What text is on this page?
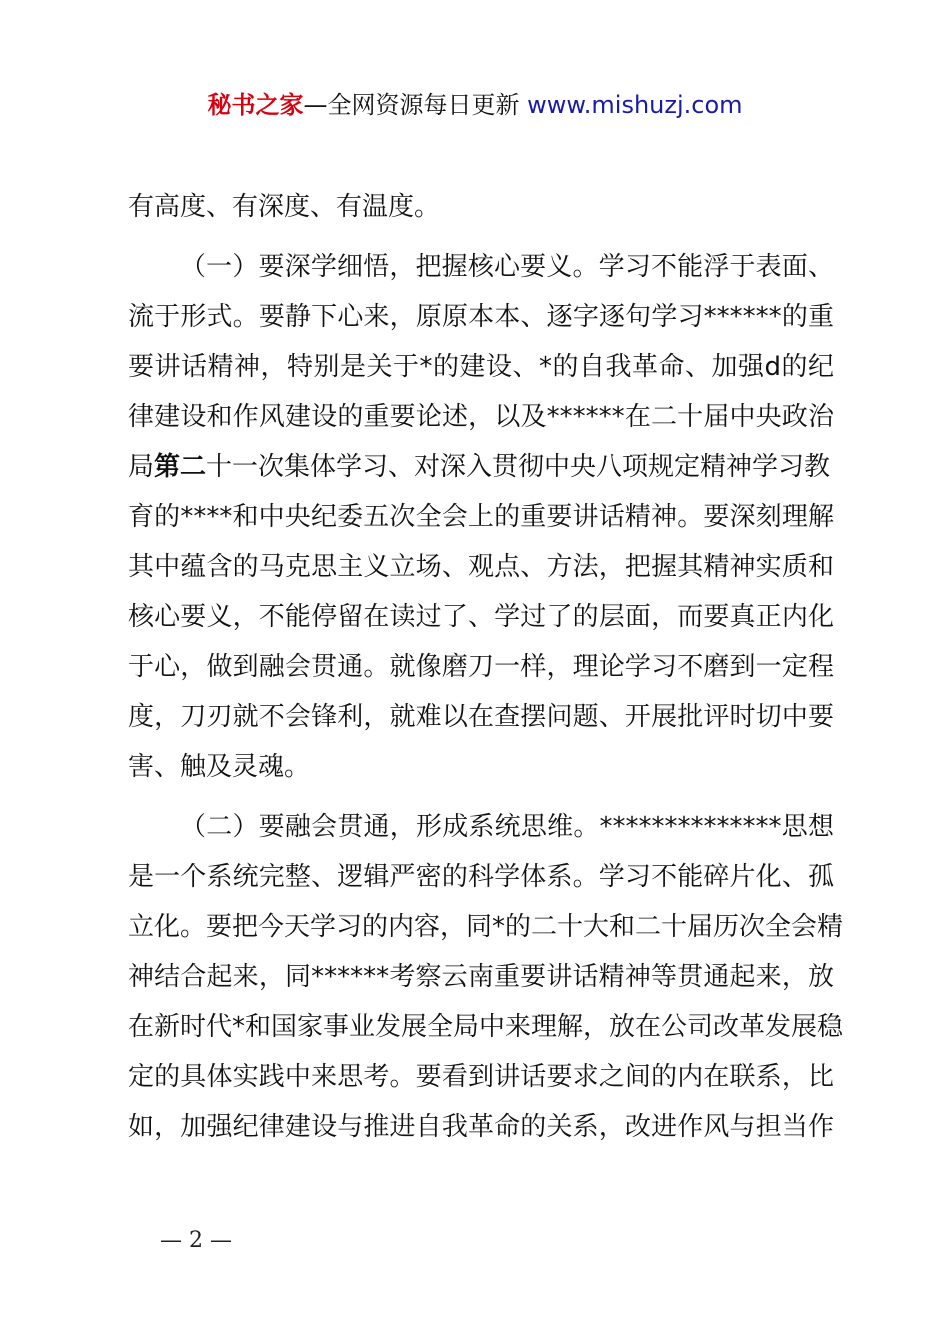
秘书之家—全网资源每日更新 www.mishuzj.com
有高度、有深度、有温度。
（一）要深学细悟，把握核心要义。学习不能浮于表面、
流于形式。要静下心来，原原本本、逐字逐句学习******的重
要讲话精神，特别是关于*的建设、*的自我革命、加强d的纪
律建设和作风建设的重要论述，以及******在二十届中央政治
局第二十一次集体学习、对深入贯彻中央八项规定精神学习教
育的****和中央纪委五次全会上的重要讲话精神。要深刻理解
其中蕴含的马克思主义立场、观点、方法，把握其精神实质和
核心要义，不能停留在读过了、学过了的层面，而要真正内化
于心，做到融会贯通。就像磨刀一样，理论学习不磨到一定程
度，刀刃就不会锋利，就难以在查摆问题、开展批评时切中要
害、触及灵魂。
（二）要融会贯通，形成系统思维。**************思想
是一个系统完整、逻辑严密的科学体系。学习不能碎片化、孤
立化。要把今天学习的内容，同*的二十大和二十届历次全会精
神结合起来，同******考察云南重要讲话精神等贯通起来，放
在新时代*和国家事业发展全局中来理解，放在公司改革发展稳
定的具体实践中来思考。要看到讲话要求之间的内在联系，比
如，加强纪律建设与推进自我革命的关系，改进作风与担当作
— 2 —
